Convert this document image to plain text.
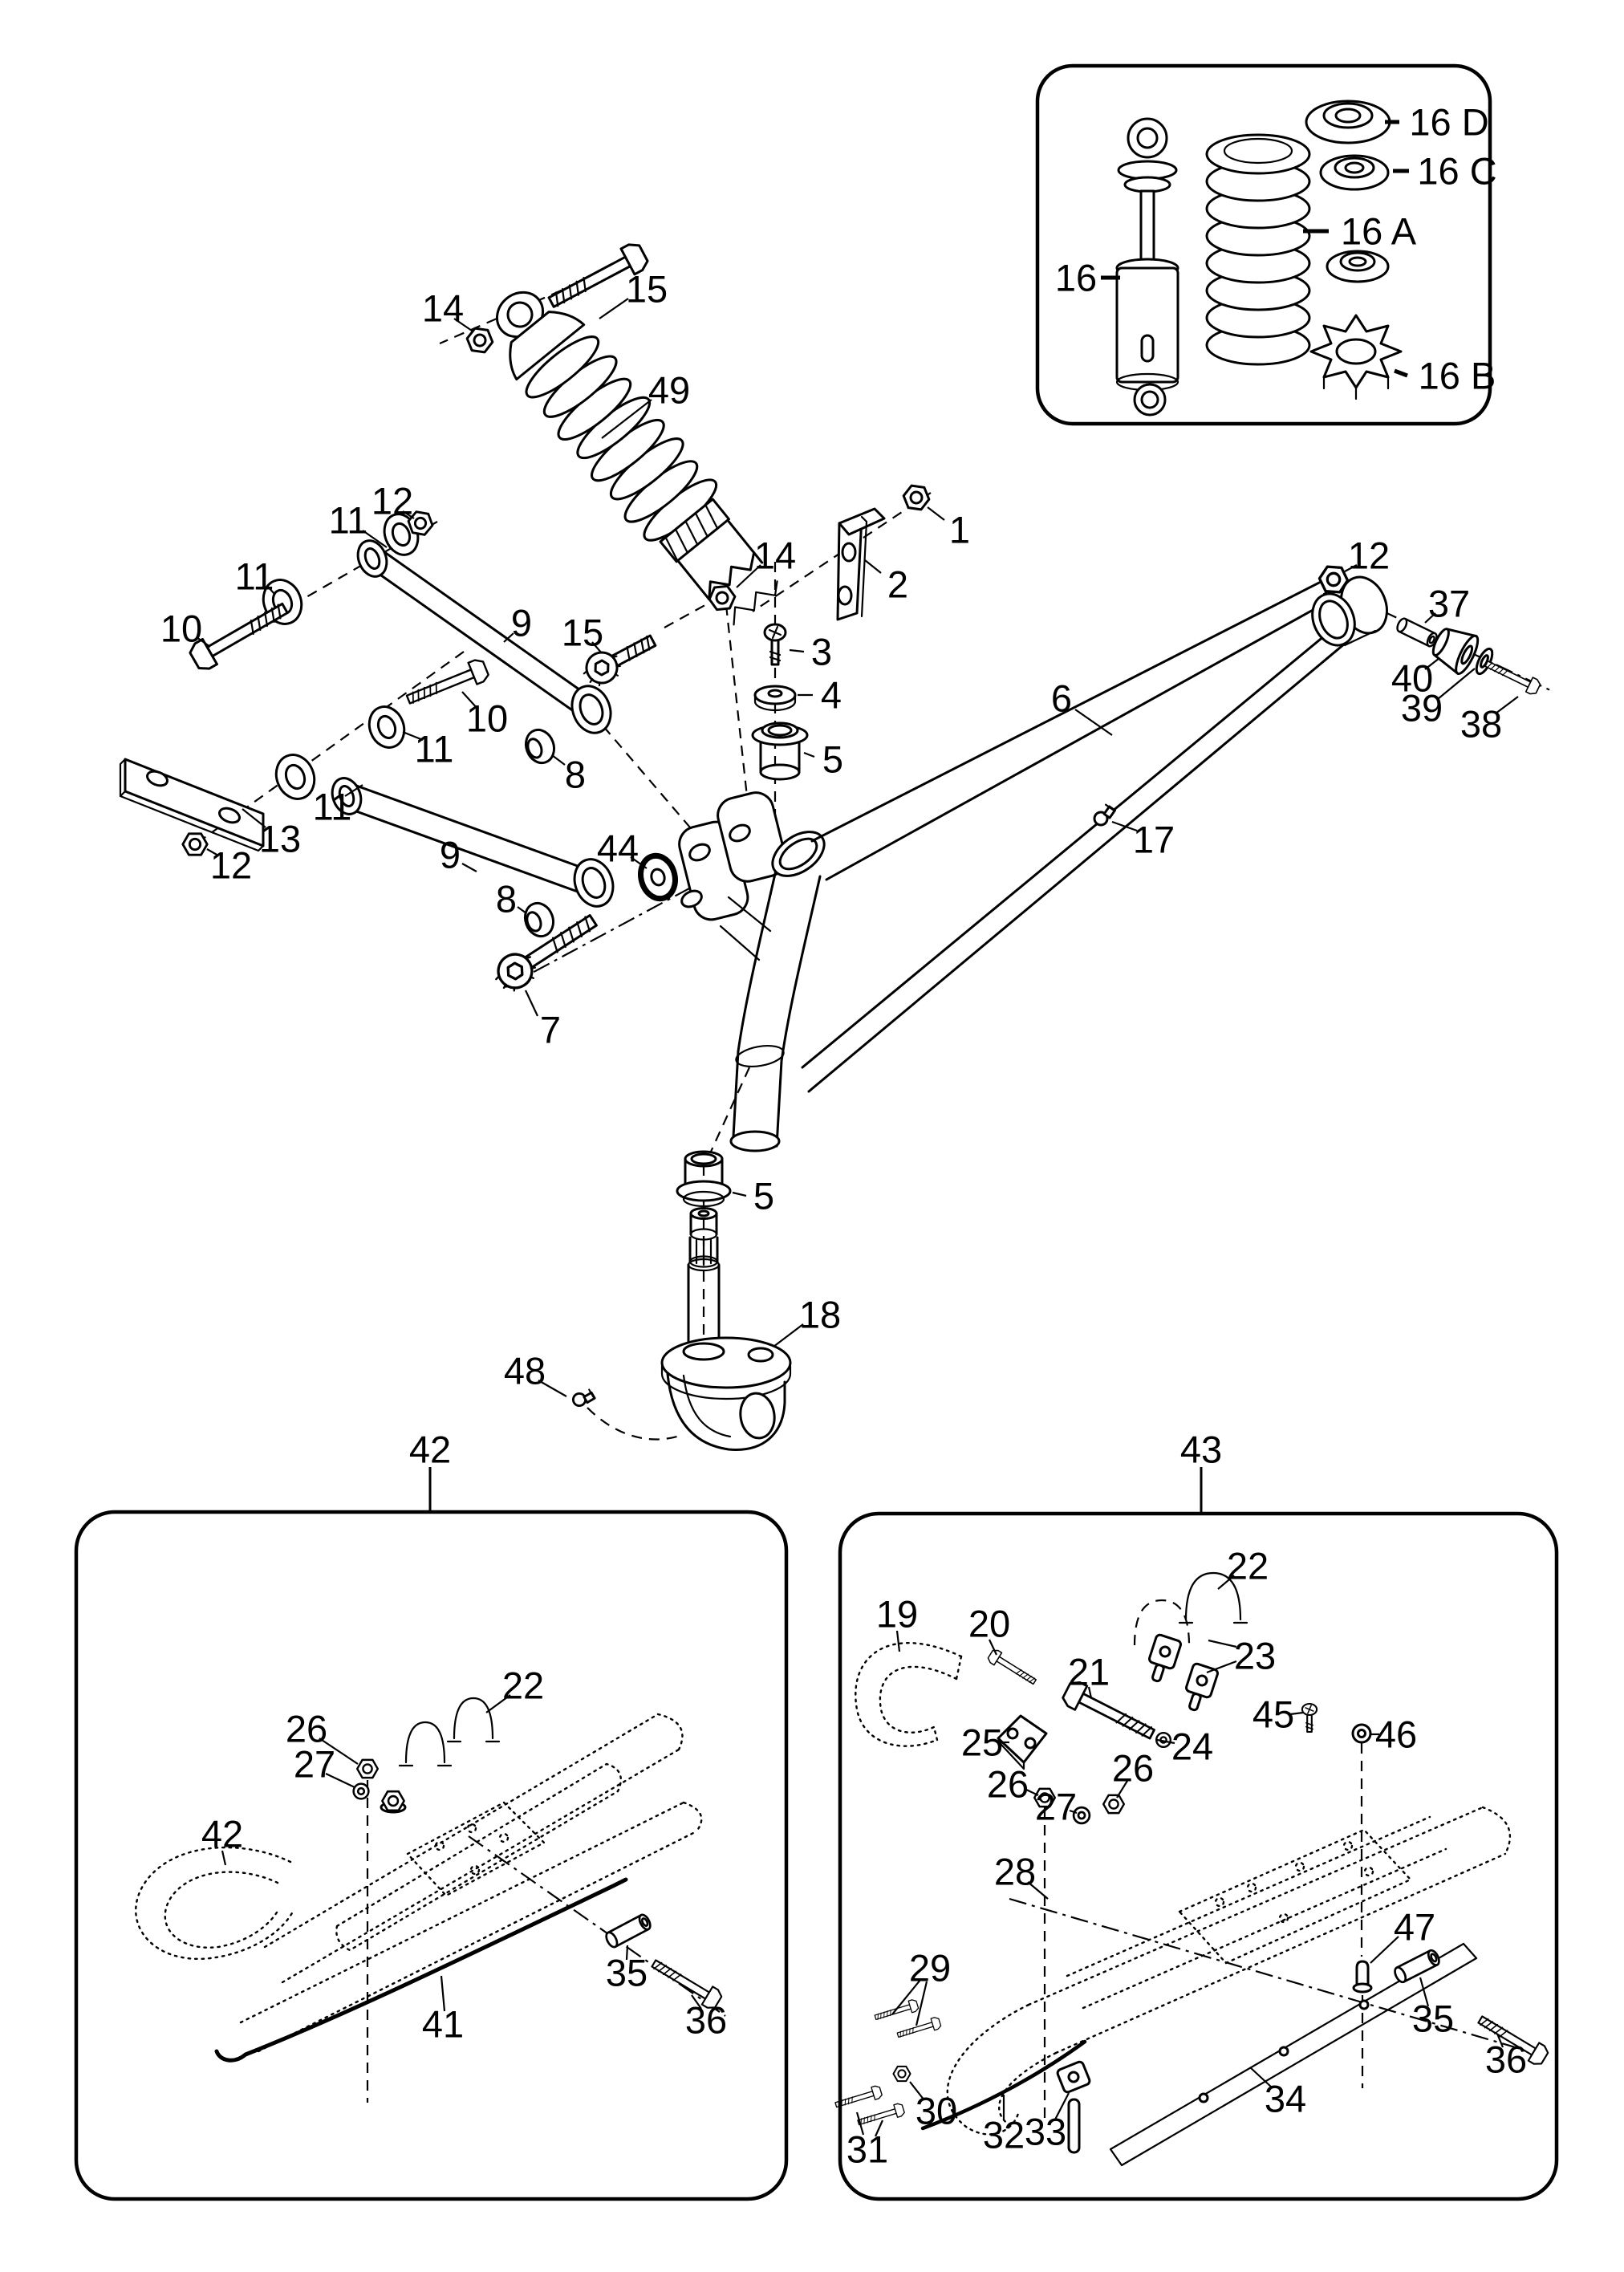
15
14
49
12
11
11
10	9 15
10
11
8
11
13
12	9	44
8
7
14
1
2
3
4
5
6
17
12
37
40
39 38
5
18
48
42	43
16
16 A
16 B
16 C
16 D
22
26
27
42
35
36
41
19 20
21
22
23
24
25
45 46
26 26
27
28
29
30
31	32 33
34
35
36
47
